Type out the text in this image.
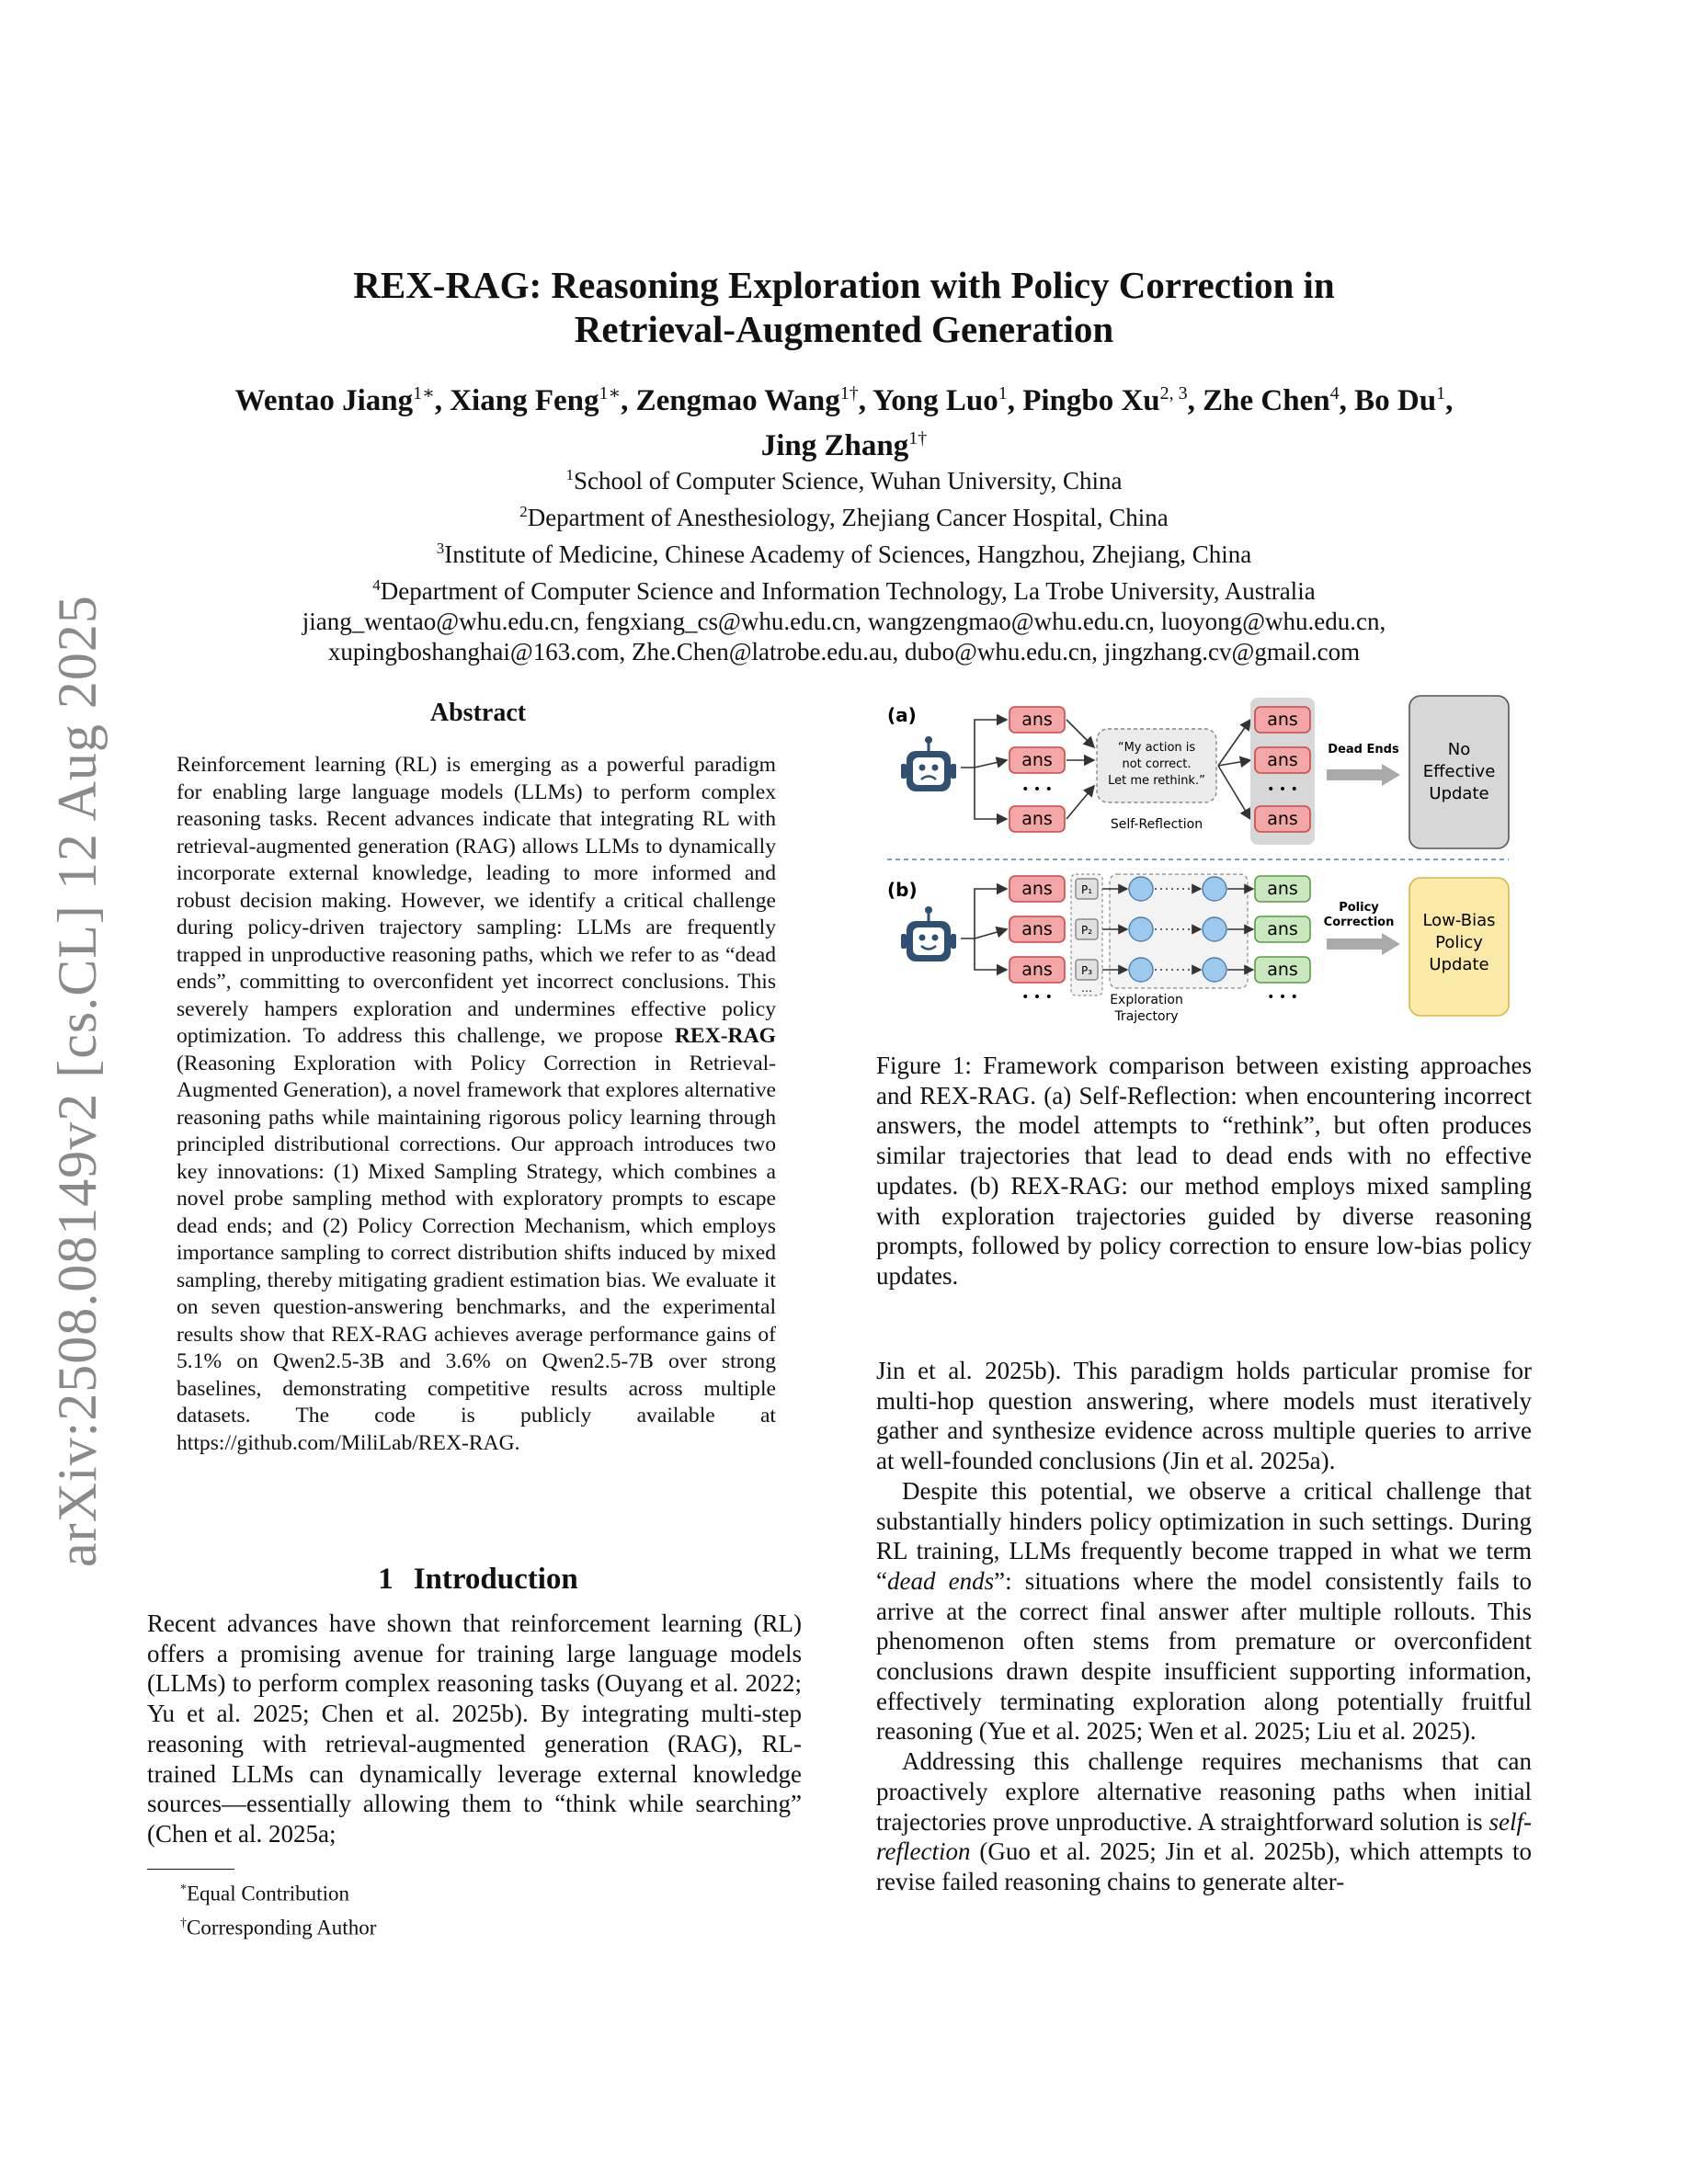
arXiv:2508.08149v2 [cs.CL] 12 Aug 2025
REX-RAG: Reasoning Exploration with Policy Correction in
Retrieval-Augmented Generation
Wentao Jiang$^{1∗}$, Xiang Feng$^{1∗}$, Zengmao Wang$^{1\dagger}$, Yong Luo$^1$, Pingbo Xu$^{2, 3}$, Zhe Chen$^4$, Bo Du$^1$,
Jing Zhang$^{1\dagger}$
$^1$School of Computer Science, Wuhan University, China
$^2$Department of Anesthesiology, Zhejiang Cancer Hospital, China
$^3$Institute of Medicine, Chinese Academy of Sciences, Hangzhou, Zhejiang, China
$^4$Department of Computer Science and Information Technology, La Trobe University, Australia
jiang_wentao@whu.edu.cn, fengxiang_cs@whu.edu.cn, wangzengmao@whu.edu.cn, luoyong@whu.edu.cn,
xupingboshanghai@163.com, Zhe.Chen@latrobe.edu.au, dubo@whu.edu.cn, jingzhang.cv@gmail.com
Abstract
Reinforcement learning (RL) is emerging as a powerful paradigm for enabling large language models (LLMs) to perform complex reasoning tasks. Recent advances indicate that integrating RL with retrieval-augmented generation (RAG) allows LLMs to dynamically incorporate external knowledge, leading to more informed and robust decision making. However, we identify a critical challenge during policy-driven trajectory sampling: LLMs are frequently trapped in unproductive reasoning paths, which we refer to as “dead ends”, committing to overconfident yet incorrect conclusions. This severely hampers exploration and undermines effective policy optimization. To address this challenge, we propose REX-RAG (Reasoning Exploration with Policy Correction in Retrieval-Augmented Generation), a novel framework that explores alternative reasoning paths while maintaining rigorous policy learning through principled distributional corrections. Our approach introduces two key innovations: (1) Mixed Sampling Strategy, which combines a novel probe sampling method with exploratory prompts to escape dead ends; and (2) Policy Correction Mechanism, which employs importance sampling to correct distribution shifts induced by mixed sampling, thereby mitigating gradient estimation bias. We evaluate it on seven question-answering benchmarks, and the experimental results show that REX-RAG achieves average performance gains of 5.1% on Qwen2.5-3B and 3.6% on Qwen2.5-7B over strong baselines, demonstrating competitive results across multiple datasets. The code is publicly available at https://github.com/MiliLab/REX-RAG.
1 Introduction

Recent advances have shown that reinforcement learning (RL) offers a promising avenue for training large language models (LLMs) to perform complex reasoning tasks (Ouyang et al. 2022; Yu et al. 2025; Chen et al. 2025b). By integrating multi-step reasoning with retrieval-augmented generation (RAG), RL-trained LLMs can dynamically leverage external knowledge sources—essentially allowing them to “think while searching” (Chen et al. 2025a;

*Equal Contribution
†Corresponding Author
(a)	ans
ans
• • •
ans
“My action is
not correct.
Let me rethink.”
Self-Reflection
ans
ans
• • •
ans
Dead Ends	No
Effective
Update
(b)	ans
ans
ans
• • •
P₁
P₂
P₃
…
Exploration
Trajectory
ans
ans
ans
• • •
Policy
Correction Low-Bias
Policy
Update
Figure 1: Framework comparison between existing approaches and REX-RAG. (a) Self-Reflection: when encountering incorrect answers, the model attempts to “rethink”, but often produces similar trajectories that lead to dead ends with no effective updates. (b) REX-RAG: our method employs mixed sampling with exploration trajectories guided by diverse reasoning prompts, followed by policy correction to ensure low-bias policy updates.

Jin et al. 2025b). This paradigm holds particular promise for multi-hop question answering, where models must iteratively gather and synthesize evidence across multiple queries to arrive at well-founded conclusions (Jin et al. 2025a).

Despite this potential, we observe a critical challenge that substantially hinders policy optimization in such settings. During RL training, LLMs frequently become trapped in what we term “dead ends”: situations where the model consistently fails to arrive at the correct final answer after multiple rollouts. This phenomenon often stems from premature or overconfident conclusions drawn despite insufficient supporting information, effectively terminating exploration along potentially fruitful reasoning (Yue et al. 2025; Wen et al. 2025; Liu et al. 2025).

Addressing this challenge requires mechanisms that can proactively explore alternative reasoning paths when initial trajectories prove unproductive. A straightforward solution is self-reflection (Guo et al. 2025; Jin et al. 2025b), which attempts to revise failed reasoning chains to generate alter-
